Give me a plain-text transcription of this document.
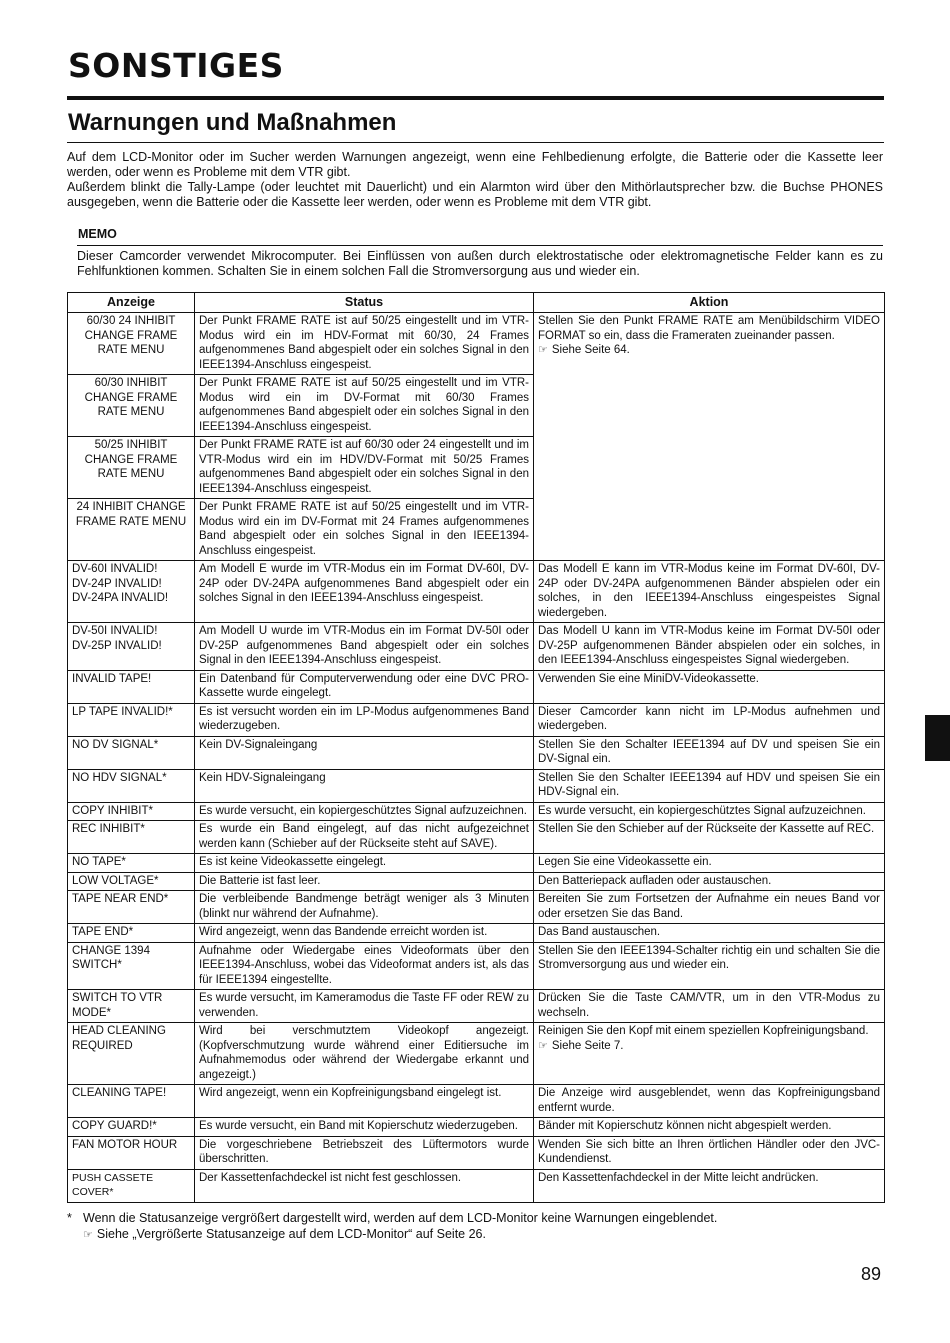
SONSTIGES
Warnungen und Maßnahmen

Auf dem LCD-Monitor oder im Sucher werden Warnungen angezeigt, wenn eine Fehlbedienung erfolgte, die Batterie oder die Kassette leer werden, oder wenn es Probleme mit dem VTR gibt.

Außerdem blinkt die Tally-Lampe (oder leuchtet mit Dauerlicht) und ein Alarmton wird über den Mithörlautsprecher bzw. die Buchse PHONES ausgegeben, wenn die Batterie oder die Kassette leer werden, oder wenn es Probleme mit dem VTR gibt.

MEMO

Dieser Camcorder verwendet Mikrocomputer. Bei Einflüssen von außen durch elektrostatische oder elektromagnetische Felder kann es zu Fehlfunktionen kommen. Schalten Sie in einem solchen Fall die Stromversorgung aus und wieder ein.

Anzeige	Status	Aktion
60/30 24 INHIBIT CHANGE FRAME RATE MENU	Der Punkt FRAME RATE ist auf 50/25 eingestellt und im VTR-Modus wird ein im HDV-Format mit 60/30, 24 Frames aufgenommenes Band abgespielt oder ein solches Signal in den IEEE1394-Anschluss eingespeist.	Stellen Sie den Punkt FRAME RATE am Menübildschirm VIDEO FORMAT so ein, dass die Frameraten zueinander passen.
☞ Siehe Seite 64.
60/30 INHIBIT CHANGE FRAME RATE MENU	Der Punkt FRAME RATE ist auf 50/25 eingestellt und im VTR-Modus wird ein im DV-Format mit 60/30 Frames aufgenommenes Band abgespielt oder ein solches Signal in den IEEE1394-Anschluss eingespeist.	
50/25 INHIBIT CHANGE FRAME RATE MENU	Der Punkt FRAME RATE ist auf 60/30 oder 24 eingestellt und im VTR-Modus wird ein im HDV/DV-Format mit 50/25 Frames aufgenommenes Band abgespielt oder ein solches Signal in den IEEE1394-Anschluss eingespeist.	
24 INHIBIT CHANGE FRAME RATE MENU	Der Punkt FRAME RATE ist auf 50/25 eingestellt und im VTR-Modus wird ein im DV-Format mit 24 Frames aufgenommenes Band abgespielt oder ein solches Signal in den IEEE1394-Anschluss eingespeist.	
DV-60I INVALID!
DV-24P INVALID!
DV-24PA INVALID!	Am Modell E wurde im VTR-Modus ein im Format DV-60I, DV-24P oder DV-24PA aufgenommenes Band abgespielt oder ein solches Signal in den IEEE1394-Anschluss eingespeist.	Das Modell E kann im VTR-Modus keine im Format DV-60I, DV-24P oder DV-24PA aufgenommenen Bänder abspielen oder ein solches, in den IEEE1394-Anschluss eingespeistes Signal wiedergeben.
DV-50I INVALID!
DV-25P INVALID!	Am Modell U wurde im VTR-Modus ein im Format DV-50I oder DV-25P aufgenommenes Band abgespielt oder ein solches Signal in den IEEE1394-Anschluss eingespeist.	Das Modell U kann im VTR-Modus keine im Format DV-50I oder DV-25P aufgenommenen Bänder abspielen oder ein solches, in den IEEE1394-Anschluss eingespeistes Signal wiedergeben.
INVALID TAPE!	Ein Datenband für Computerverwendung oder eine DVC PRO-Kassette wurde eingelegt.	Verwenden Sie eine MiniDV-Videokassette.
LP TAPE INVALID!*	Es ist versucht worden ein im LP-Modus aufgenommenes Band wiederzugeben.	Dieser Camcorder kann nicht im LP-Modus aufnehmen und wiedergeben.
NO DV SIGNAL*	Kein DV-Signaleingang	Stellen Sie den Schalter IEEE1394 auf DV und speisen Sie ein DV-Signal ein.
NO HDV SIGNAL*	Kein HDV-Signaleingang	Stellen Sie den Schalter IEEE1394 auf HDV und speisen Sie ein HDV-Signal ein.
COPY INHIBIT*	Es wurde versucht, ein kopiergeschütztes Signal aufzuzeichnen.	Es wurde versucht, ein kopiergeschütztes Signal aufzuzeichnen.
REC INHIBIT*	Es wurde ein Band eingelegt, auf das nicht aufgezeichnet werden kann (Schieber auf der Rückseite steht auf SAVE).	Stellen Sie den Schieber auf der Rückseite der Kassette auf REC.
NO TAPE*	Es ist keine Videokassette eingelegt.	Legen Sie eine Videokassette ein.
LOW VOLTAGE*	Die Batterie ist fast leer.	Den Batteriepack aufladen oder austauschen.
TAPE NEAR END*	Die verbleibende Bandmenge beträgt weniger als 3 Minuten (blinkt nur während der Aufnahme).	Bereiten Sie zum Fortsetzen der Aufnahme ein neues Band vor oder ersetzen Sie das Band.
TAPE END*	Wird angezeigt, wenn das Bandende erreicht worden ist.	Das Band austauschen.
CHANGE 1394
SWITCH*	Aufnahme oder Wiedergabe eines Videoformats über den IEEE1394-Anschluss, wobei das Videoformat anders ist, als das für IEEE1394 eingestellte.	Stellen Sie den IEEE1394-Schalter richtig ein und schalten Sie die Stromversorgung aus und wieder ein.
SWITCH TO VTR
MODE*	Es wurde versucht, im Kameramodus die Taste FF oder REW zu verwenden.	Drücken Sie die Taste CAM/VTR, um in den VTR-Modus zu wechseln.
HEAD CLEANING
REQUIRED	Wird bei verschmutztem Videokopf angezeigt. (Kopfverschmutzung wurde während einer Editiersuche im Aufnahmemodus oder während der Wiedergabe erkannt und angezeigt.)	Reinigen Sie den Kopf mit einem speziellen Kopfreinigungsband.
☞ Siehe Seite 7.
CLEANING TAPE!	Wird angezeigt, wenn ein Kopfreinigungsband eingelegt ist.	Die Anzeige wird ausgeblendet, wenn das Kopfreinigungsband entfernt wurde.
COPY GUARD!*	Es wurde versucht, ein Band mit Kopierschutz wiederzugeben.	Bänder mit Kopierschutz können nicht abgespielt werden.
FAN MOTOR HOUR	Die vorgeschriebene Betriebszeit des Lüftermotors wurde überschritten.	Wenden Sie sich bitte an Ihren örtlichen Händler oder den JVC-Kundendienst.
PUSH CASSETE
COVER*	Der Kassettenfachdeckel ist nicht fest geschlossen.	Den Kassettenfachdeckel in der Mitte leicht andrücken.
* Wenn die Statusanzeige vergrößert dargestellt wird, werden auf dem LCD-Monitor keine Warnungen eingeblendet.
☞ Siehe „Vergrößerte Statusanzeige auf dem LCD-Monitor“ auf Seite 26.
89
